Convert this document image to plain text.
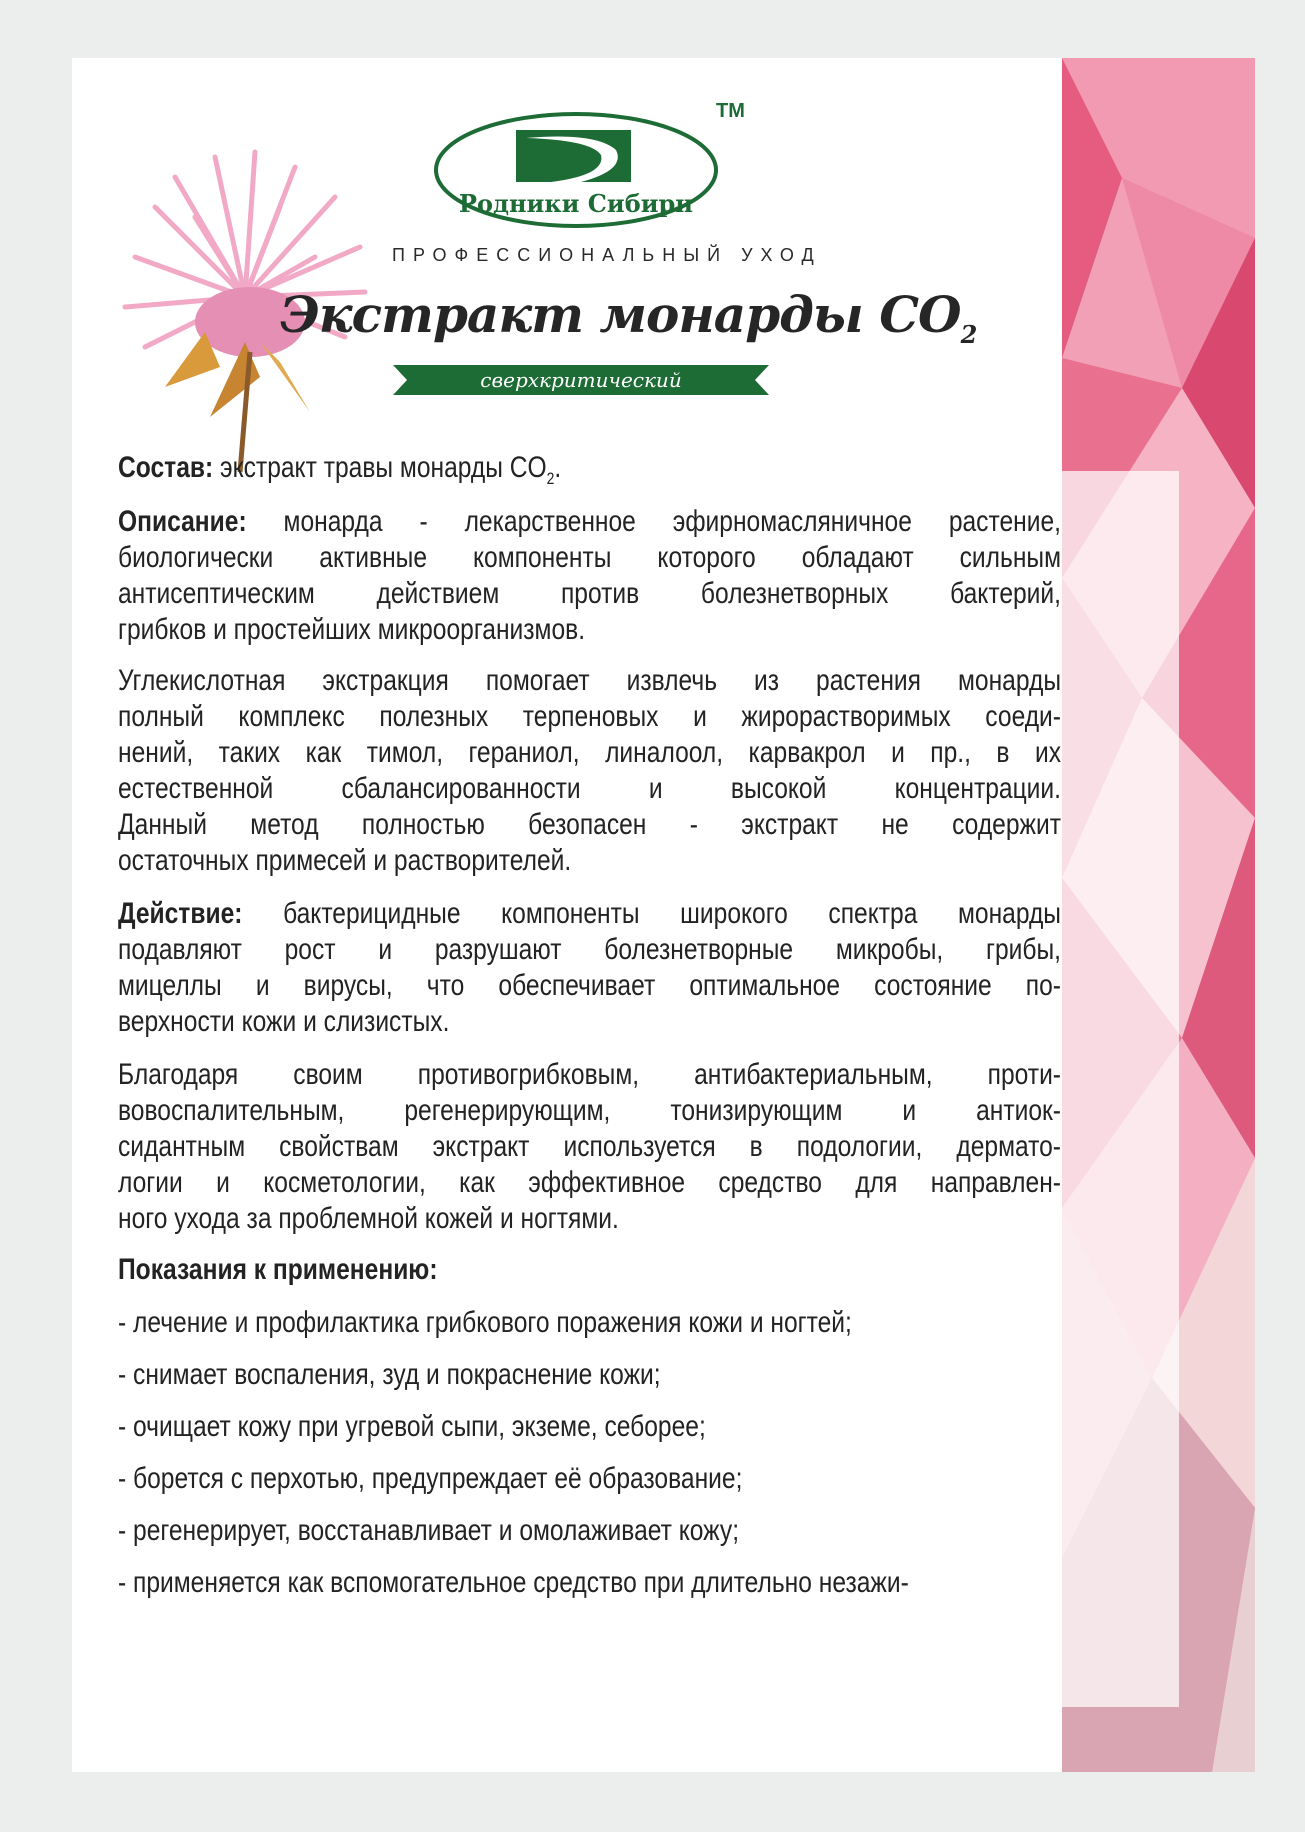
Родники Сибири
TM
ПРОФЕССИОНАЛЬНЫЙ УХОД
Экстракт монарды $CO_2$
сверхкритический
Состав: экстракт травы монарды $CO_2$.
Описание: монарда - лекарственное эфирномасляничное растение,
биологически активные компоненты которого обладают сильным
антисептическим действием против болезнетворных бактерий,
грибков и простейших микроорганизмов.
Углекислотная экстракция помогает извлечь из растения монарды
полный комплекс полезных терпеновых и жирорастворимых соеди-
нений, таких как тимол, гераниол, линалоол, карвакрол и пр., в их
естественной сбалансированности и высокой концентрации.
Данный метод полностью безопасен - экстракт не содержит
остаточных примесей и растворителей.
Действие: бактерицидные компоненты широкого спектра монарды
подавляют рост и разрушают болезнетворные микробы, грибы,
мицеллы и вирусы, что обеспечивает оптимальное состояние по-
верхности кожи и слизистых.
Благодаря своим противогрибковым, антибактериальным, проти-
вовоспалительным, регенерирующим, тонизирующим и антиок-
сидантным свойствам экстракт используется в подологии, дермато-
логии и косметологии, как эффективное средство для направлен-
ного ухода за проблемной кожей и ногтями.
Показания к применению:
- лечение и профилактика грибкового поражения кожи и ногтей;
- снимает воспаления, зуд и покраснение кожи;
- очищает кожу при угревой сыпи, экземе, себорее;
- борется с перхотью, предупреждает её образование;
- регенерирует, восстанавливает и омолаживает кожу;
- применяется как вспомогательное средство при длительно незажи-
